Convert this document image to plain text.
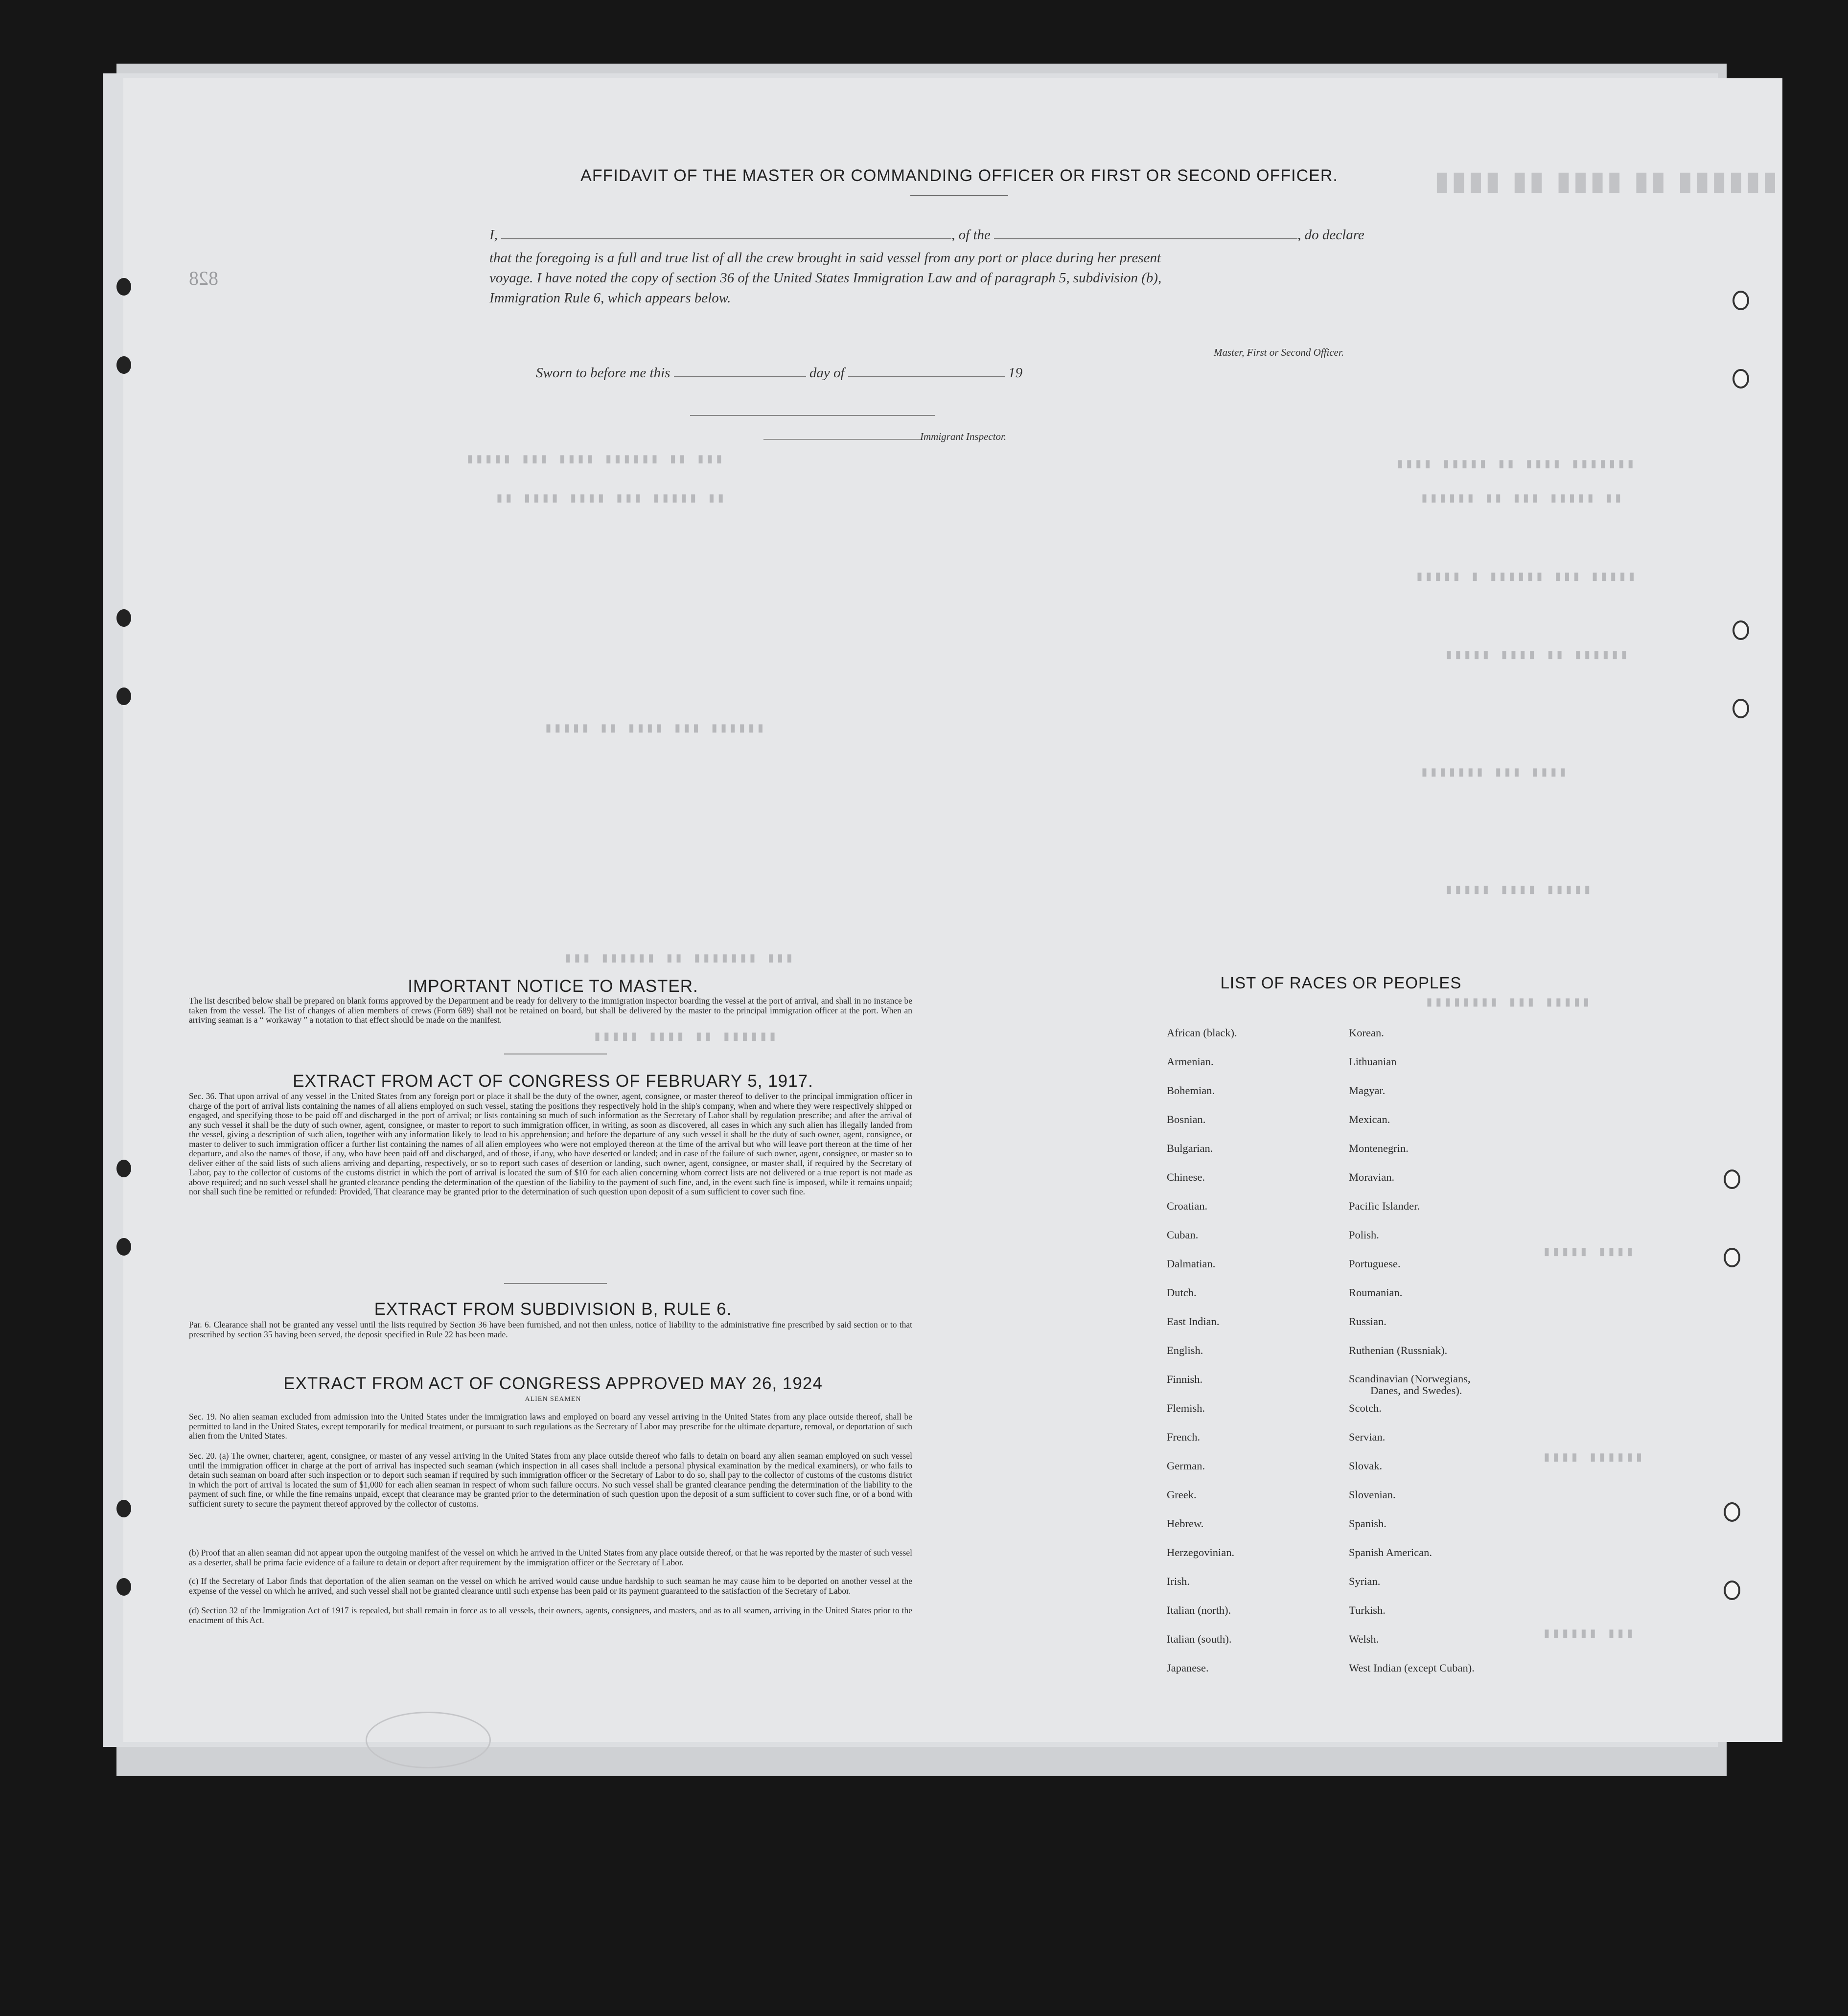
▮▮▮▮ ▮▮ ▮▮▮▮ ▮▮ ▮▮▮▮▮▮
▮▮▮▮ ▮▮▮▮▮ ▮▮ ▮▮▮▮ ▮▮▮▮▮▮▮
▮▮▮▮▮▮ ▮▮ ▮▮▮ ▮▮▮▮▮ ▮▮
▮▮▮▮▮ ▮ ▮▮▮▮▮▮ ▮▮▮ ▮▮▮▮▮
▮▮▮▮▮ ▮▮▮▮ ▮▮ ▮▮▮▮▮▮
▮▮▮▮▮▮▮ ▮▮▮ ▮▮▮▮
▮▮▮▮▮ ▮▮▮▮ ▮▮▮▮▮
▮▮▮▮▮▮▮▮ ▮▮▮ ▮▮▮▮▮
▮▮▮▮▮ ▮▮▮ ▮▮▮▮ ▮▮▮▮▮▮ ▮▮ ▮▮▮
▮▮ ▮▮▮▮ ▮▮▮▮ ▮▮▮ ▮▮▮▮▮ ▮▮
▮▮▮▮▮ ▮▮ ▮▮▮▮ ▮▮▮ ▮▮▮▮▮▮
▮▮▮ ▮▮▮▮▮▮ ▮▮ ▮▮▮▮▮▮▮ ▮▮▮
▮▮▮▮▮ ▮▮▮▮ ▮▮ ▮▮▮▮▮▮
▮▮▮▮▮ ▮▮▮▮
▮▮▮▮ ▮▮▮▮▮▮
▮▮▮▮▮▮ ▮▮▮
828
AFFIDAVIT OF THE MASTER OR COMMANDING OFFICER OR FIRST OR SECOND OFFICER.
I,	, of the	, do declare
that the foregoing is a full and true list of all the crew brought in said vessel from any port or place during her present
voyage. I have noted the copy of section 36 of the United States Immigration Law and of paragraph 5, subdivision (b),
Immigration Rule 6, which appears below.
Master, First or Second Officer.
Sworn to before me this	day of	19
Immigrant Inspector.
IMPORTANT NOTICE TO MASTER.
The list described below shall be prepared on blank forms approved by the Department and be ready for delivery to the immigration inspector boarding the vessel at the port of arrival, and shall in no instance be taken from the vessel. The list of changes of alien members of crews (Form 689) shall not be retained on board, but shall be delivered by the master to the principal immigration officer at the port. When an arriving seaman is a “ workaway ” a notation to that effect should be made on the manifest.
EXTRACT FROM ACT OF CONGRESS OF FEBRUARY 5, 1917.
Sec. 36. That upon arrival of any vessel in the United States from any foreign port or place it shall be the duty of the owner, agent, consignee, or master thereof to deliver to the principal immigration officer in charge of the port of arrival lists containing the names of all aliens employed on such vessel, stating the positions they respectively hold in the ship's company, when and where they were respectively shipped or engaged, and specifying those to be paid off and discharged in the port of arrival; or lists containing so much of such information as the Secretary of Labor shall by regulation prescribe; and after the arrival of any such vessel it shall be the duty of such owner, agent, consignee, or master to report to such immigration officer, in writing, as soon as discovered, all cases in which any such alien has illegally landed from the vessel, giving a description of such alien, together with any information likely to lead to his apprehension; and before the departure of any such vessel it shall be the duty of such owner, agent, consignee, or master to deliver to such immigration officer a further list containing the names of all alien employees who were not employed thereon at the time of the arrival but who will leave port thereon at the time of her departure, and also the names of those, if any, who have been paid off and discharged, and of those, if any, who have deserted or landed; and in case of the failure of such owner, agent, consignee, or master so to deliver either of the said lists of such aliens arriving and departing, respectively, or so to report such cases of desertion or landing, such owner, agent, consignee, or master shall, if required by the Secretary of Labor, pay to the collector of customs of the customs district in which the port of arrival is located the sum of $10 for each alien concerning whom correct lists are not delivered or a true report is not made as above required; and no such vessel shall be granted clearance pending the determination of the question of the liability to the payment of such fine, and, in the event such fine is imposed, while it remains unpaid; nor shall such fine be remitted or refunded: Provided, That clearance may be granted prior to the determination of such question upon deposit of a sum sufficient to cover such fine.
EXTRACT FROM SUBDIVISION B, RULE 6.
Par. 6. Clearance shall not be granted any vessel until the lists required by Section 36 have been furnished, and not then unless, notice of liability to the administrative fine prescribed by said section or to that prescribed by section 35 having been served, the deposit specified in Rule 22 has been made.
EXTRACT FROM ACT OF CONGRESS APPROVED MAY 26, 1924
ALIEN SEAMEN
Sec. 19. No alien seaman excluded from admission into the United States under the immigration laws and employed on board any vessel arriving in the United States from any place outside thereof, shall be permitted to land in the United States, except temporarily for medical treatment, or pursuant to such regulations as the Secretary of Labor may prescribe for the ultimate departure, removal, or deportation of such alien from the United States.
Sec. 20. (a) The owner, charterer, agent, consignee, or master of any vessel arriving in the United States from any place outside thereof who fails to detain on board any alien seaman employed on such vessel until the immigration officer in charge at the port of arrival has inspected such seaman (which inspection in all cases shall include a personal physical examination by the medical examiners), or who fails to detain such seaman on board after such inspection or to deport such seaman if required by such immigration officer or the Secretary of Labor to do so, shall pay to the collector of customs of the customs district in which the port of arrival is located the sum of $1,000 for each alien seaman in respect of whom such failure occurs. No such vessel shall be granted clearance pending the determination of the liability to the payment of such fine, or while the fine remains unpaid, except that clearance may be granted prior to the determination of such question upon the deposit of a sum sufficient to cover such fine, or of a bond with sufficient surety to secure the payment thereof approved by the collector of customs.
(b) Proof that an alien seaman did not appear upon the outgoing manifest of the vessel on which he arrived in the United States from any place outside thereof, or that he was reported by the master of such vessel as a deserter, shall be prima facie evidence of a failure to detain or deport after requirement by the immigration officer or the Secretary of Labor.
(c) If the Secretary of Labor finds that deportation of the alien seaman on the vessel on which he arrived would cause undue hardship to such seaman he may cause him to be deported on another vessel at the expense of the vessel on which he arrived, and such vessel shall not be granted clearance until such expense has been paid or its payment guaranteed to the satisfaction of the Secretary of Labor.
(d) Section 32 of the Immigration Act of 1917 is repealed, but shall remain in force as to all vessels, their owners, agents, consignees, and masters, and as to all seamen, arriving in the United States prior to the enactment of this Act.
LIST OF RACES OR PEOPLES
African (black).
Armenian.
Bohemian.
Bosnian.
Bulgarian.
Chinese.
Croatian.
Cuban.
Dalmatian.
Dutch.
East Indian.
English.
Finnish.
Flemish.
French.
German.
Greek.
Hebrew.
Herzegovinian.
Irish.
Italian (north).
Italian (south).
Japanese.
Korean.
Lithuanian
Magyar.
Mexican.
Montenegrin.
Moravian.
Pacific Islander.
Polish.
Portuguese.
Roumanian.
Russian.
Ruthenian (Russniak).
Scandinavian (Norwegians,
Danes, and Swedes).
Scotch.
Servian.
Slovak.
Slovenian.
Spanish.
Spanish American.
Syrian.
Turkish.
Welsh.
West Indian (except Cuban).
